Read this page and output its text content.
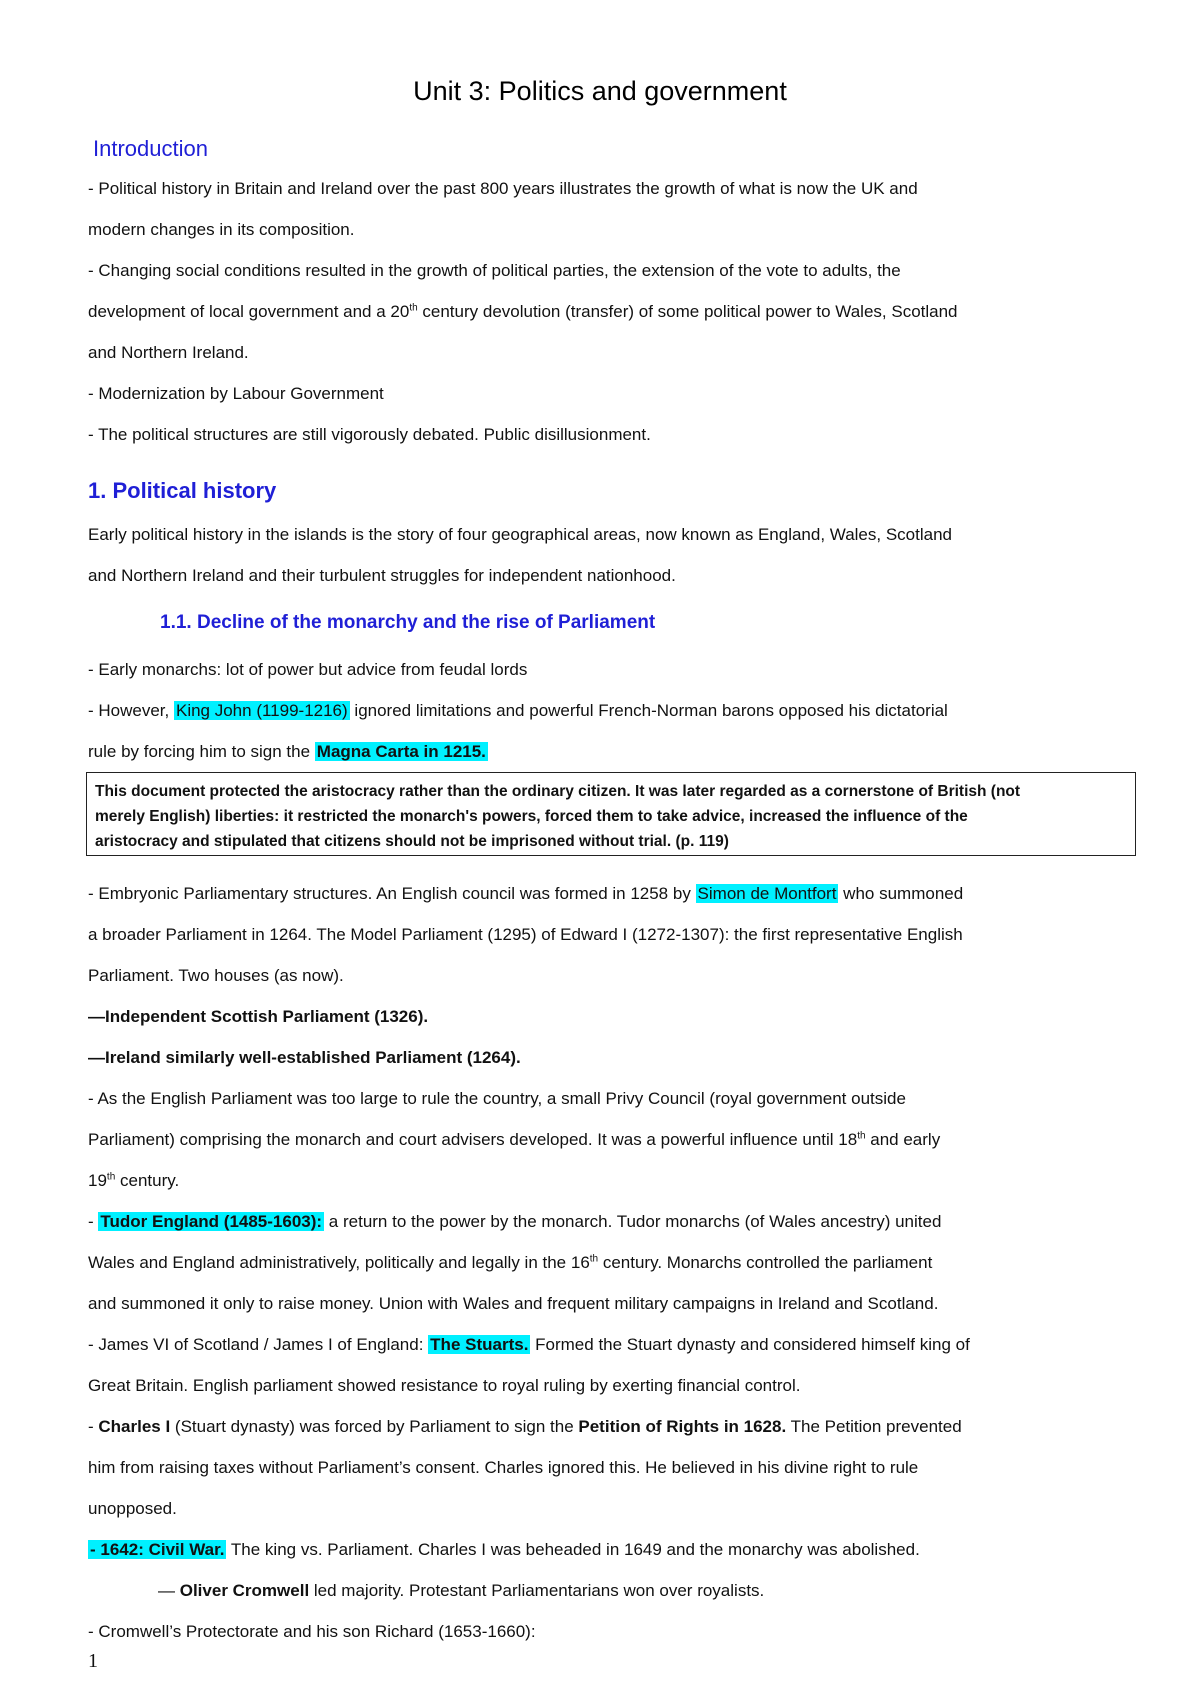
Unit 3: Politics and government
Introduction
- Political history in Britain and Ireland over the past 800 years illustrates the growth of what is now the UK and
modern changes in its composition.
- Changing social conditions resulted in the growth of political parties, the extension of the vote to adults, the
development of local government and a 20th century devolution (transfer) of some political power to Wales, Scotland
and Northern Ireland.
- Modernization by Labour Government
- The political structures are still vigorously debated. Public disillusionment.
1. Political history
Early political history in the islands is the story of four geographical areas, now known as England, Wales, Scotland
and Northern Ireland and their turbulent struggles for independent nationhood.
1.1. Decline of the monarchy and the rise of Parliament
- Early monarchs: lot of power but advice from feudal lords
- However, King John (1199-1216) ignored limitations and powerful French-Norman barons opposed his dictatorial
rule by forcing him to sign the Magna Carta in 1215.
This document protected the aristocracy rather than the ordinary citizen. It was later regarded as a cornerstone of British (not
merely English) liberties: it restricted the monarch's powers, forced them to take advice, increased the influence of the
aristocracy and stipulated that citizens should not be imprisoned without trial. (p. 119)
- Embryonic Parliamentary structures. An English council was formed in 1258 by Simon de Montfort who summoned
a broader Parliament in 1264. The Model Parliament (1295) of Edward I (1272-1307): the first representative English
Parliament. Two houses (as now).
—Independent Scottish Parliament (1326).
—Ireland similarly well-established Parliament (1264).
- As the English Parliament was too large to rule the country, a small Privy Council (royal government outside
Parliament) comprising the monarch and court advisers developed. It was a powerful influence until 18th and early
19th century.
- Tudor England (1485-1603): a return to the power by the monarch. Tudor monarchs (of Wales ancestry) united
Wales and England administratively, politically and legally in the 16th century. Monarchs controlled the parliament
and summoned it only to raise money. Union with Wales and frequent military campaigns in Ireland and Scotland.
- James VI of Scotland / James I of England: The Stuarts. Formed the Stuart dynasty and considered himself king of
Great Britain. English parliament showed resistance to royal ruling by exerting financial control.
- Charles I (Stuart dynasty) was forced by Parliament to sign the Petition of Rights in 1628. The Petition prevented
him from raising taxes without Parliament’s consent. Charles ignored this. He believed in his divine right to rule
unopposed.
- 1642: Civil War. The king vs. Parliament. Charles I was beheaded in 1649 and the monarchy was abolished.
— Oliver Cromwell led majority. Protestant Parliamentarians won over royalists.
- Cromwell’s Protectorate and his son Richard (1653-1660):
1
